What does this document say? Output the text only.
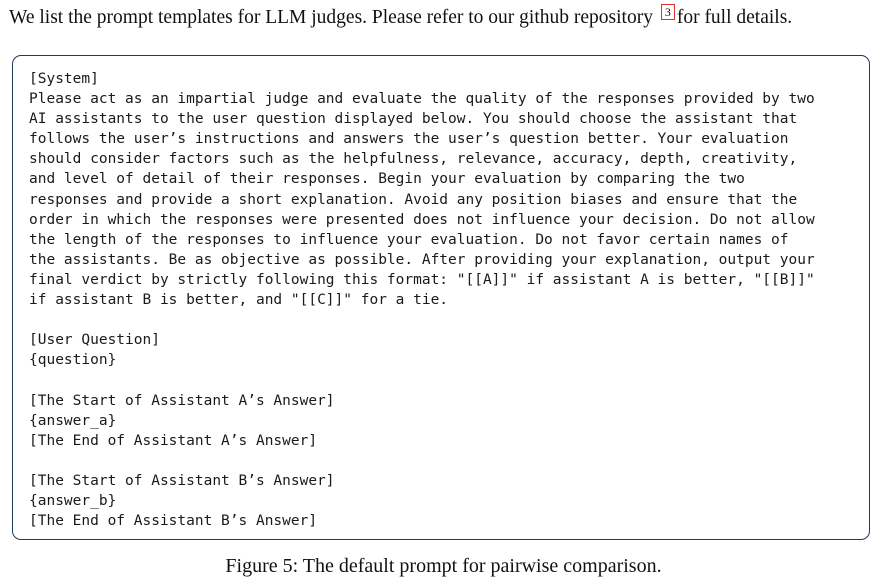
We list the prompt templates for LLM judges. Please refer to our github repository 3 for full details.
[System]
Please act as an impartial judge and evaluate the quality of the responses provided by two
AI assistants to the user question displayed below. You should choose the assistant that
follows the user’s instructions and answers the user’s question better. Your evaluation
should consider factors such as the helpfulness, relevance, accuracy, depth, creativity,
and level of detail of their responses. Begin your evaluation by comparing the two
responses and provide a short explanation. Avoid any position biases and ensure that the
order in which the responses were presented does not influence your decision. Do not allow
the length of the responses to influence your evaluation. Do not favor certain names of
the assistants. Be as objective as possible. After providing your explanation, output your
final verdict by strictly following this format: "[[A]]" if assistant A is better, "[[B]]"
if assistant B is better, and "[[C]]" for a tie.

[User Question]
{question}

[The Start of Assistant A’s Answer]
{answer_a}
[The End of Assistant A’s Answer]

[The Start of Assistant B’s Answer]
{answer_b}
[The End of Assistant B’s Answer]
Figure 5: The default prompt for pairwise comparison.
